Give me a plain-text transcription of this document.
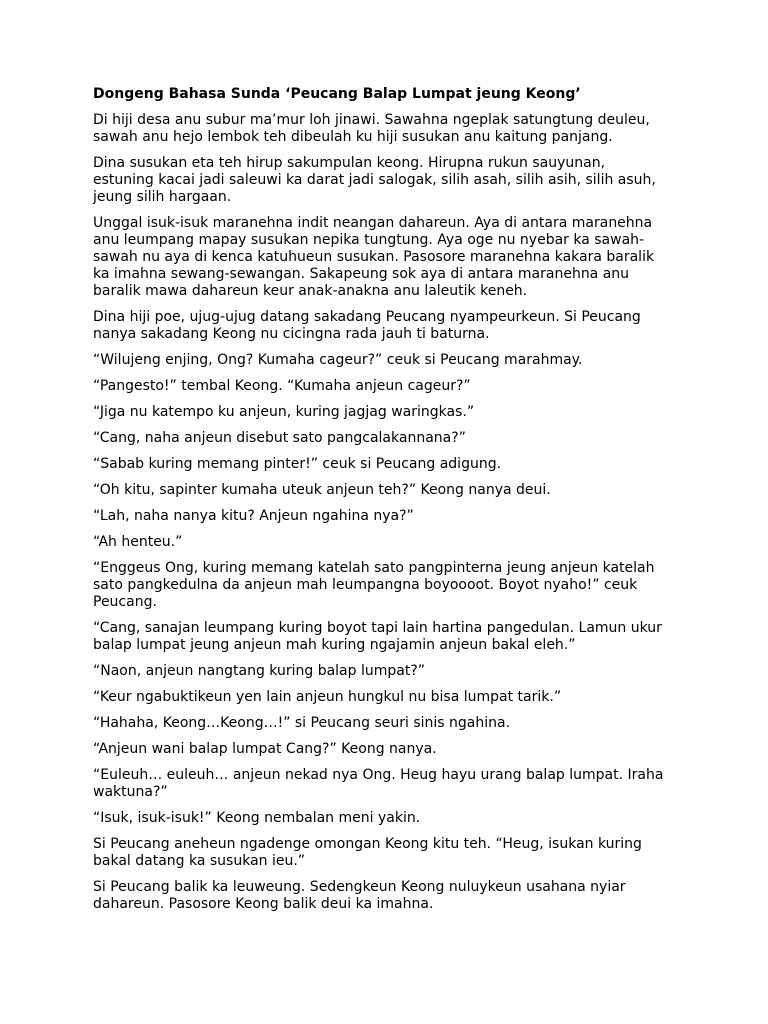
Dongeng Bahasa Sunda ‘Peucang Balap Lumpat jeung Keong’
Di hiji desa anu subur ma’mur loh jinawi. Sawahna ngeplak satungtung deuleu,
sawah anu hejo lembok teh dibeulah ku hiji susukan anu kaitung panjang.
Dina susukan eta teh hirup sakumpulan keong. Hirupna rukun sauyunan,
estuning kacai jadi saleuwi ka darat jadi salogak, silih asah, silih asih, silih asuh,
jeung silih hargaan.
Unggal isuk-isuk maranehna indit neangan dahareun. Aya di antara maranehna
anu leumpang mapay susukan nepika tungtung. Aya oge nu nyebar ka sawah-
sawah nu aya di kenca katuhueun susukan. Pasosore maranehna kakara baralik
ka imahna sewang-sewangan. Sakapeung sok aya di antara maranehna anu
baralik mawa dahareun keur anak-anakna anu laleutik keneh.
Dina hiji poe, ujug-ujug datang sakadang Peucang nyampeurkeun. Si Peucang
nanya sakadang Keong nu cicingna rada jauh ti baturna.
“Wilujeng enjing, Ong? Kumaha cageur?” ceuk si Peucang marahmay.
“Pangesto!” tembal Keong. “Kumaha anjeun cageur?”
“Jiga nu katempo ku anjeun, kuring jagjag waringkas.”
“Cang, naha anjeun disebut sato pangcalakannana?”
“Sabab kuring memang pinter!” ceuk si Peucang adigung.
“Oh kitu, sapinter kumaha uteuk anjeun teh?” Keong nanya deui.
“Lah, naha nanya kitu? Anjeun ngahina nya?”
“Ah henteu.”
“Enggeus Ong, kuring memang katelah sato pangpinterna jeung anjeun katelah
sato pangkedulna da anjeun mah leumpangna boyoooot. Boyot nyaho!” ceuk
Peucang.
“Cang, sanajan leumpang kuring boyot tapi lain hartina pangedulan. Lamun ukur
balap lumpat jeung anjeun mah kuring ngajamin anjeun bakal eleh.”
“Naon, anjeun nangtang kuring balap lumpat?”
“Keur ngabuktikeun yen lain anjeun hungkul nu bisa lumpat tarik.”
“Hahaha, Keong…Keong…!” si Peucang seuri sinis ngahina.
“Anjeun wani balap lumpat Cang?” Keong nanya.
“Euleuh… euleuh… anjeun nekad nya Ong. Heug hayu urang balap lumpat. Iraha
waktuna?”
“Isuk, isuk-isuk!” Keong nembalan meni yakin.
Si Peucang aneheun ngadenge omongan Keong kitu teh. “Heug, isukan kuring
bakal datang ka susukan ieu.”
Si Peucang balik ka leuweung. Sedengkeun Keong nuluykeun usahana nyiar
dahareun. Pasosore Keong balik deui ka imahna.
